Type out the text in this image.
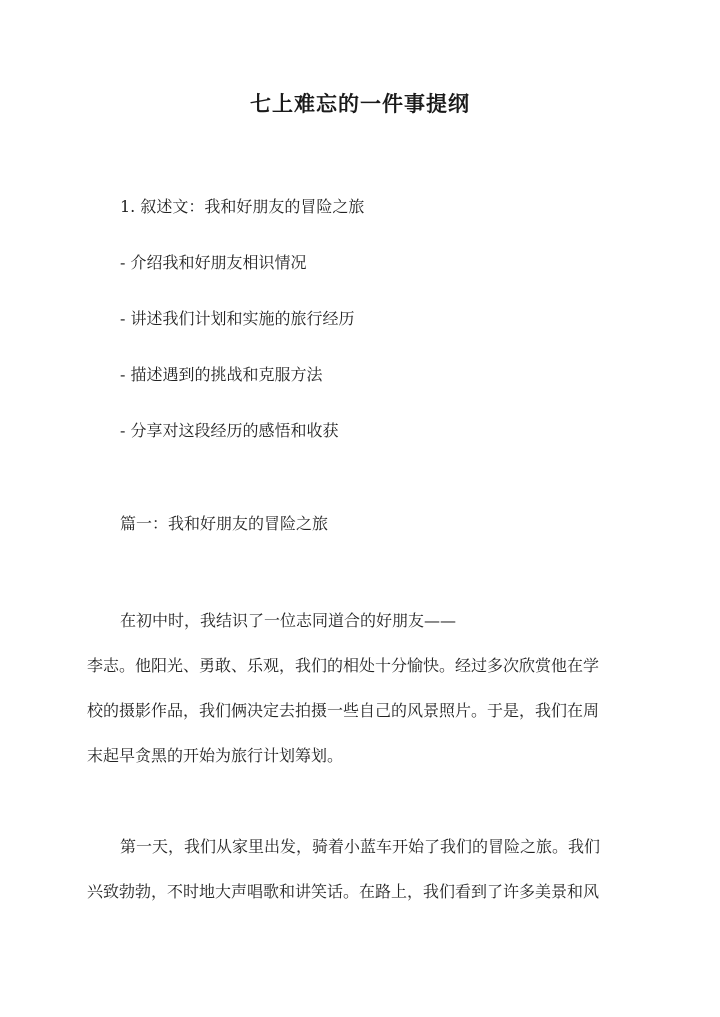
七上难忘的一件事提纲
1. 叙述文：我和好朋友的冒险之旅
- 介绍我和好朋友相识情况
- 讲述我们计划和实施的旅行经历
- 描述遇到的挑战和克服方法
- 分享对这段经历的感悟和收获
篇一：我和好朋友的冒险之旅
在初中时，我结识了一位志同道合的好朋友——
李志。他阳光、勇敢、乐观，我们的相处十分愉快。经过多次欣赏他在学
校的摄影作品，我们俩决定去拍摄一些自己的风景照片。于是，我们在周
末起早贪黑的开始为旅行计划筹划。
第一天，我们从家里出发，骑着小蓝车开始了我们的冒险之旅。我们
兴致勃勃，不时地大声唱歌和讲笑话。在路上，我们看到了许多美景和风
